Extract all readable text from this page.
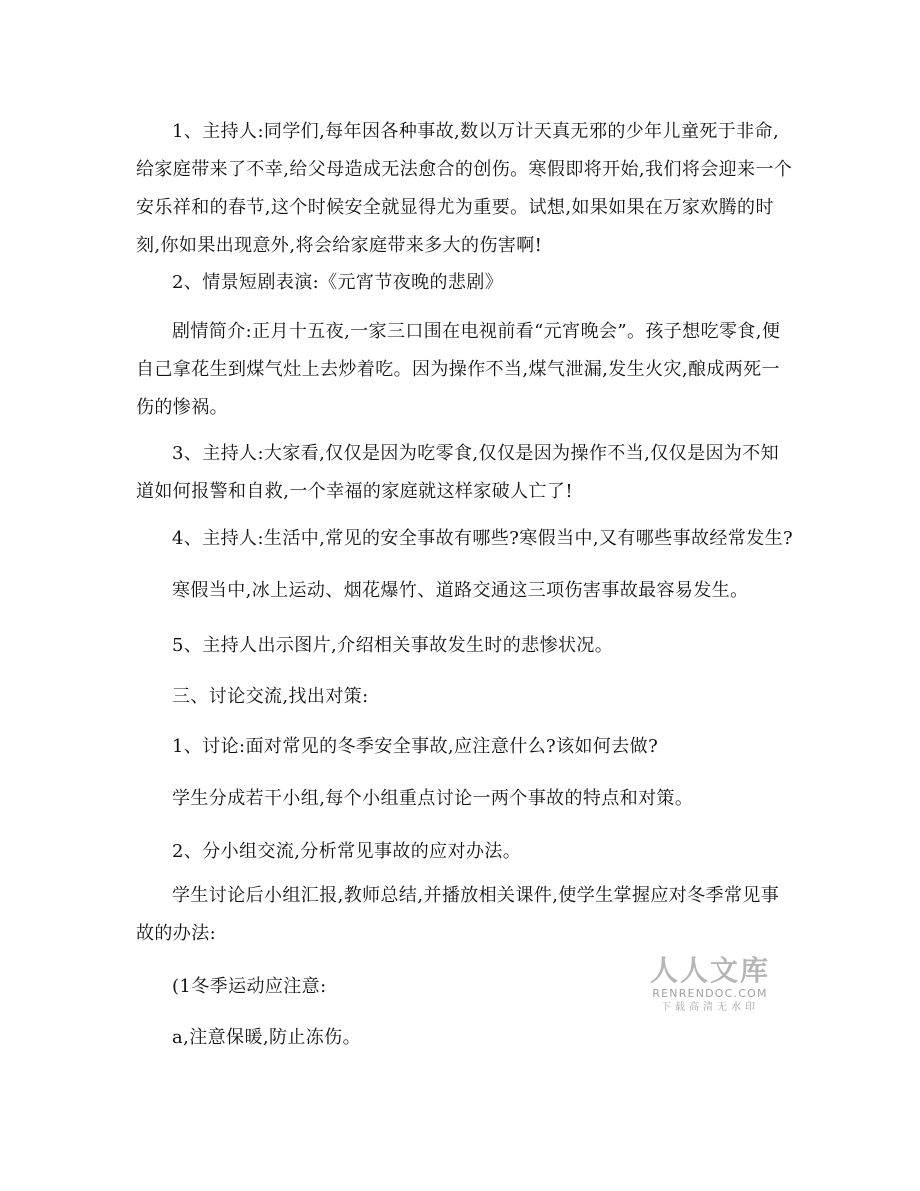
1、主持人:同学们,每年因各种事故,数以万计天真无邪的少年儿童死于非命,给家庭带来了不幸,给父母造成无法愈合的创伤。寒假即将开始,我们将会迎来一个安乐祥和的春节,这个时候安全就显得尤为重要。试想,如果如果在万家欢腾的时刻,你如果出现意外,将会给家庭带来多大的伤害啊!

2、情景短剧表演:《元宵节夜晚的悲剧》

剧情简介:正月十五夜,一家三口围在电视前看“元宵晚会”。孩子想吃零食,便自己拿花生到煤气灶上去炒着吃。因为操作不当,煤气泄漏,发生火灾,酿成两死一伤的惨祸。

3、主持人:大家看,仅仅是因为吃零食,仅仅是因为操作不当,仅仅是因为不知道如何报警和自救,一个幸福的家庭就这样家破人亡了!

4、主持人:生活中,常见的安全事故有哪些?寒假当中,又有哪些事故经常发生?

寒假当中,冰上运动、烟花爆竹、道路交通这三项伤害事故最容易发生。

5、主持人出示图片,介绍相关事故发生时的悲惨状况。

三、讨论交流,找出对策:

1、讨论:面对常见的冬季安全事故,应注意什么?该如何去做?

学生分成若干小组,每个小组重点讨论一两个事故的特点和对策。

2、分小组交流,分析常见事故的应对办法。

学生讨论后小组汇报,教师总结,并播放相关课件,使学生掌握应对冬季常见事故的办法:

(1冬季运动应注意:

a,注意保暖,防止冻伤。

人人文库
RENRENDOC.COM
下载高清无水印
